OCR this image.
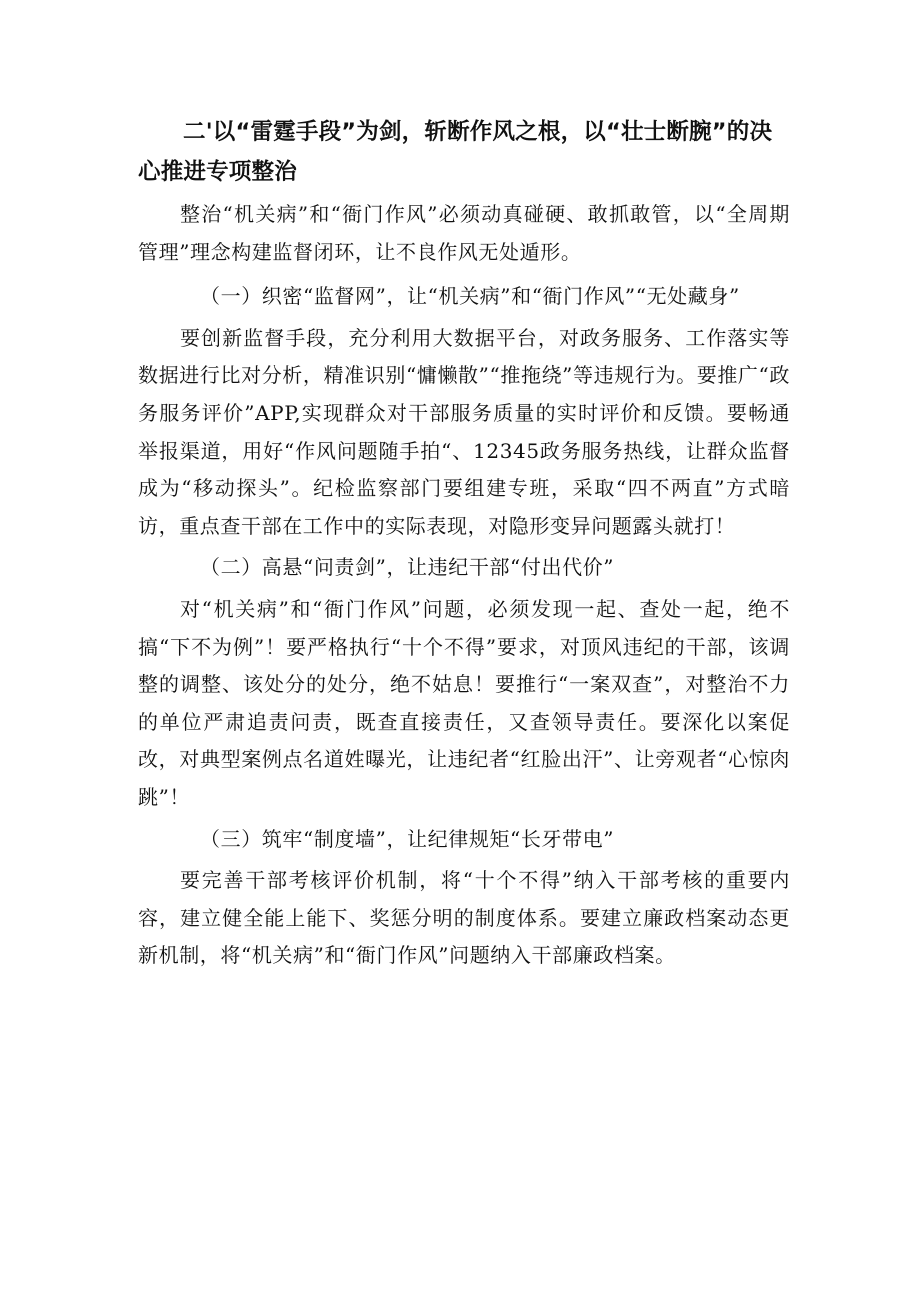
二'以“雷霆手段”为剑，斩断作风之根，以“壮士断腕”的决心推进专项整治

整治“机关病”和“衙门作风”必须动真碰硬、敢抓敢管，以“全周期管理”理念构建监督闭环，让不良作风无处遁形。

（一）织密“监督网”，让“机关病”和“衙门作风”“无处藏身”

要创新监督手段，充分利用大数据平台，对政务服务、工作落实等数据进行比对分析，精准识别“慵懒散”“推拖绕”等违规行为。要推广“政务服务评价”APP,实现群众对干部服务质量的实时评价和反馈。要畅通举报渠道，用好“作风问题随手拍“、12345政务服务热线，让群众监督成为“移动探头”。纪检监察部门要组建专班，采取“四不两直”方式暗访，重点查干部在工作中的实际表现，对隐形变异问题露头就打！

（二）高悬“问责剑”，让违纪干部“付出代价”

对“机关病”和“衙门作风”问题，必须发现一起、查处一起，绝不搞“下不为例”！要严格执行“十个不得”要求，对顶风违纪的干部，该调整的调整、该处分的处分，绝不姑息！要推行“一案双查”，对整治不力的单位严肃追责问责，既查直接责任，又查领导责任。要深化以案促改，对典型案例点名道姓曝光，让违纪者“红脸出汗”、让旁观者“心惊肉跳”！

（三）筑牢“制度墙”，让纪律规矩“长牙带电”

要完善干部考核评价机制，将“十个不得”纳入干部考核的重要内容，建立健全能上能下、奖惩分明的制度体系。要建立廉政档案动态更新机制，将“机关病”和“衙门作风”问题纳入干部廉政档案。
